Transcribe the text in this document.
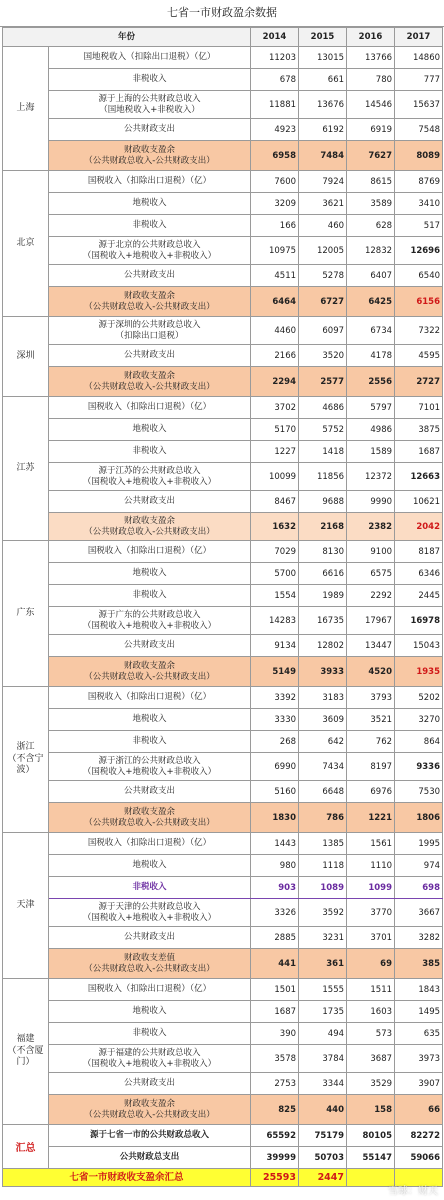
七省一市财政盈余数据
年份		2014	2015	2016	2017
上海	国地税收入（扣除出口退税）（亿）	11203	13015	13766	14860
	非税收入	678	661	780	777
	源于上海的公共财政总收入
（国地税收入+非税收入）	11881	13676	14546	15637
	公共财政支出	4923	6192	6919	7548
	财政收支盈余
（公共财政总收入-公共财政支出）	6958	7484	7627	8089
北京	国税收入（扣除出口退税）（亿）	7600	7924	8615	8769
	地税收入	3209	3621	3589	3410
	非税收入	166	460	628	517
	源于北京的公共财政总收入
（国税收入+地税收入+非税收入）	10975	12005	12832	12696
	公共财政支出	4511	5278	6407	6540
	财政收支盈余
（公共财政总收入-公共财政支出）	6464	6727	6425	6156
深圳	源于深圳的公共财政总收入
（扣除出口退税）	4460	6097	6734	7322
	公共财政支出	2166	3520	4178	4595
	财政收支盈余
（公共财政总收入-公共财政支出）	2294	2577	2556	2727
江苏	国税收入（扣除出口退税）（亿）	3702	4686	5797	7101
	地税收入	5170	5752	4986	3875
	非税收入	1227	1418	1589	1687
	源于江苏的公共财政总收入
（国税收入+地税收入+非税收入）	10099	11856	12372	12663
	公共财政支出	8467	9688	9990	10621
	财政收支盈余
（公共财政总收入-公共财政支出）	1632	2168	2382	2042
广东	国税收入（扣除出口退税）（亿）	7029	8130	9100	8187
	地税收入	5700	6616	6575	6346
	非税收入	1554	1989	2292	2445
	源于广东的公共财政总收入
（国税收入+地税收入+非税收入）	14283	16735	17967	16978
	公共财政支出	9134	12802	13447	15043
	财政收支盈余
（公共财政总收入-公共财政支出）	5149	3933	4520	1935
浙江
（不含宁
波）	国税收入（扣除出口退税）（亿）	3392	3183	3793	5202
	地税收入	3330	3609	3521	3270
	非税收入	268	642	762	864
	源于浙江的公共财政总收入
（国税收入+地税收入+非税收入）	6990	7434	8197	9336
	公共财政支出	5160	6648	6976	7530
	财政收支盈余
（公共财政总收入-公共财政支出）	1830	786	1221	1806
天津	国税收入（扣除出口退税）（亿）	1443	1385	1561	1995
	地税收入	980	1118	1110	974
	非税收入	903	1089	1099	698
	源于天津的公共财政总收入
（国税收入+地税收入+非税收入）	3326	3592	3770	3667
	公共财政支出	2885	3231	3701	3282
	财政收支差值
（公共财政总收入-公共财政支出）	441	361	69	385
福建
（不含厦
门）	国税收入（扣除出口退税）（亿）	1501	1555	1511	1843
	地税收入	1687	1735	1603	1495
	非税收入	390	494	573	635
	源于福建的公共财政总收入
（国税收入+地税收入+非税收入）	3578	3784	3687	3973
	公共财政支出	2753	3344	3529	3907
	财政收支盈余
（公共财政总收入-公共财政支出）	825	440	158	66
汇总	源于七省一市的公共财政总收入	65592	75179	80105	82272
	公共财政总支出	39999	50703	55147	59066
七省一市财政收支盈余汇总		25593	2447		
雪球：财天
